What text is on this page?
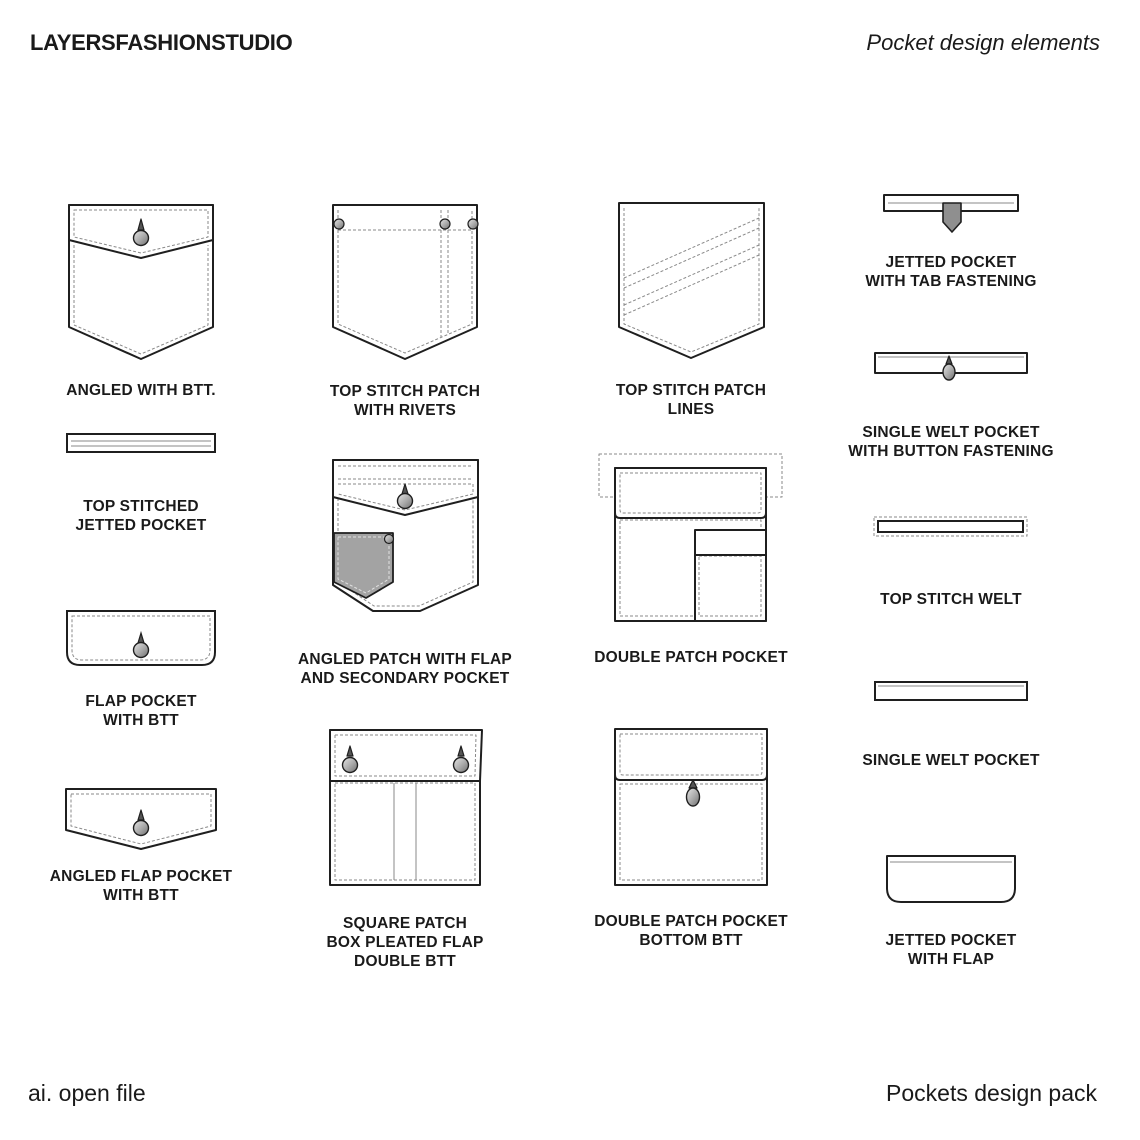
LAYERSFASHIONSTUDIO	Pocket design elements
ANGLED WITH BTT.
TOP STITCHED
JETTED POCKET
FLAP POCKET
WITH BTT
ANGLED FLAP POCKET
WITH BTT
TOP STITCH PATCH
WITH RIVETS
ANGLED PATCH WITH FLAP
AND SECONDARY POCKET
SQUARE PATCH
BOX PLEATED FLAP
DOUBLE BTT
TOP STITCH PATCH
LINES
DOUBLE PATCH POCKET
DOUBLE PATCH POCKET
BOTTOM BTT
JETTED POCKET
WITH TAB FASTENING
SINGLE WELT POCKET
WITH BUTTON FASTENING
TOP STITCH WELT
SINGLE WELT POCKET
JETTED POCKET
WITH FLAP
ai. open file	Pockets design pack
